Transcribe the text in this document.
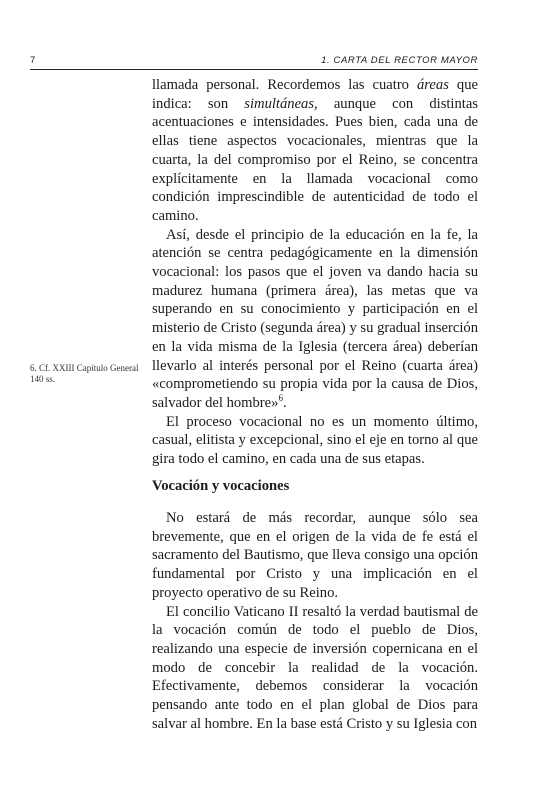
7	1. CARTA DEL RECTOR MAYOR

llamada personal. Recordemos las cuatro áreas que indica: son simultáneas, aunque con distintas acentuaciones e intensidades. Pues bien, cada una de ellas tiene aspectos vocacionales, mientras que la cuarta, la del compromiso por el Reino, se concentra explícitamente en la llamada vocacional como condición imprescindible de autenticidad de todo el camino.

Así, desde el principio de la educación en la fe, la atención se centra pedagógicamente en la dimensión vocacional: los pasos que el joven va dando hacia su madurez humana (primera área), las metas que va superando en su conocimiento y participación en el misterio de Cristo (segunda área) y su gradual inserción en la vida misma de la Iglesia (tercera área) deberían llevarlo al interés personal por el Reino (cuarta área) «comprometiendo su propia vida por la causa de Dios, salvador del hombre»$^6$.

El proceso vocacional no es un momento último, casual, elitista y excepcional, sino el eje en torno al que gira todo el camino, en cada una de sus etapas.

6. Cf. XXIII Capítulo General 140 ss.
Vocación y vocaciones

No estará de más recordar, aunque sólo sea brevemente, que en el origen de la vida de fe está el sacramento del Bautismo, que lleva consigo una opción fundamental por Cristo y una implicación en el proyecto operativo de su Reino.

El concilio Vaticano II resaltó la verdad bautismal de la vocación común de todo el pueblo de Dios, realizando una especie de inversión copernicana en el modo de concebir la realidad de la vocación. Efectivamente, debemos considerar la vocación pensando ante todo en el plan global de Dios para salvar al hombre. En la base está Cristo y su Iglesia con
